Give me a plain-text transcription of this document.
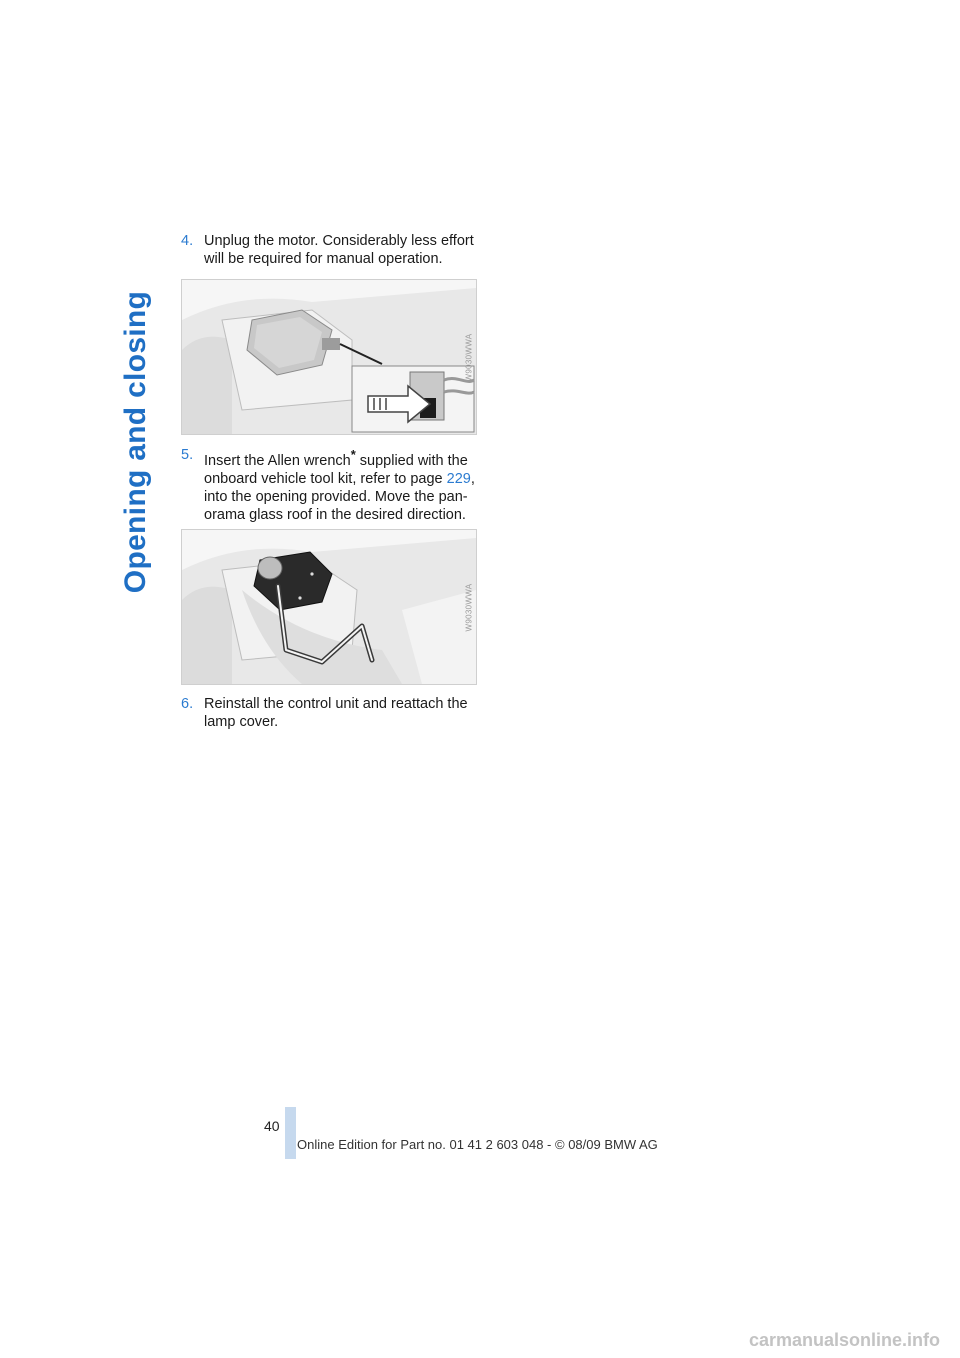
Opening and closing
4. Unplug the motor. Considerably less effort will be required for manual operation.
W9030WWA
5. Insert the Allen wrench* supplied with the onboard vehicle tool kit, refer to page 229, into the opening provided. Move the pan-orama glass roof in the desired direction.
W9030WWA
6. Reinstall the control unit and reattach the lamp cover.
40
Online Edition for Part no. 01 41 2 603 048 - © 08/09 BMW AG
carmanualsonline.info
